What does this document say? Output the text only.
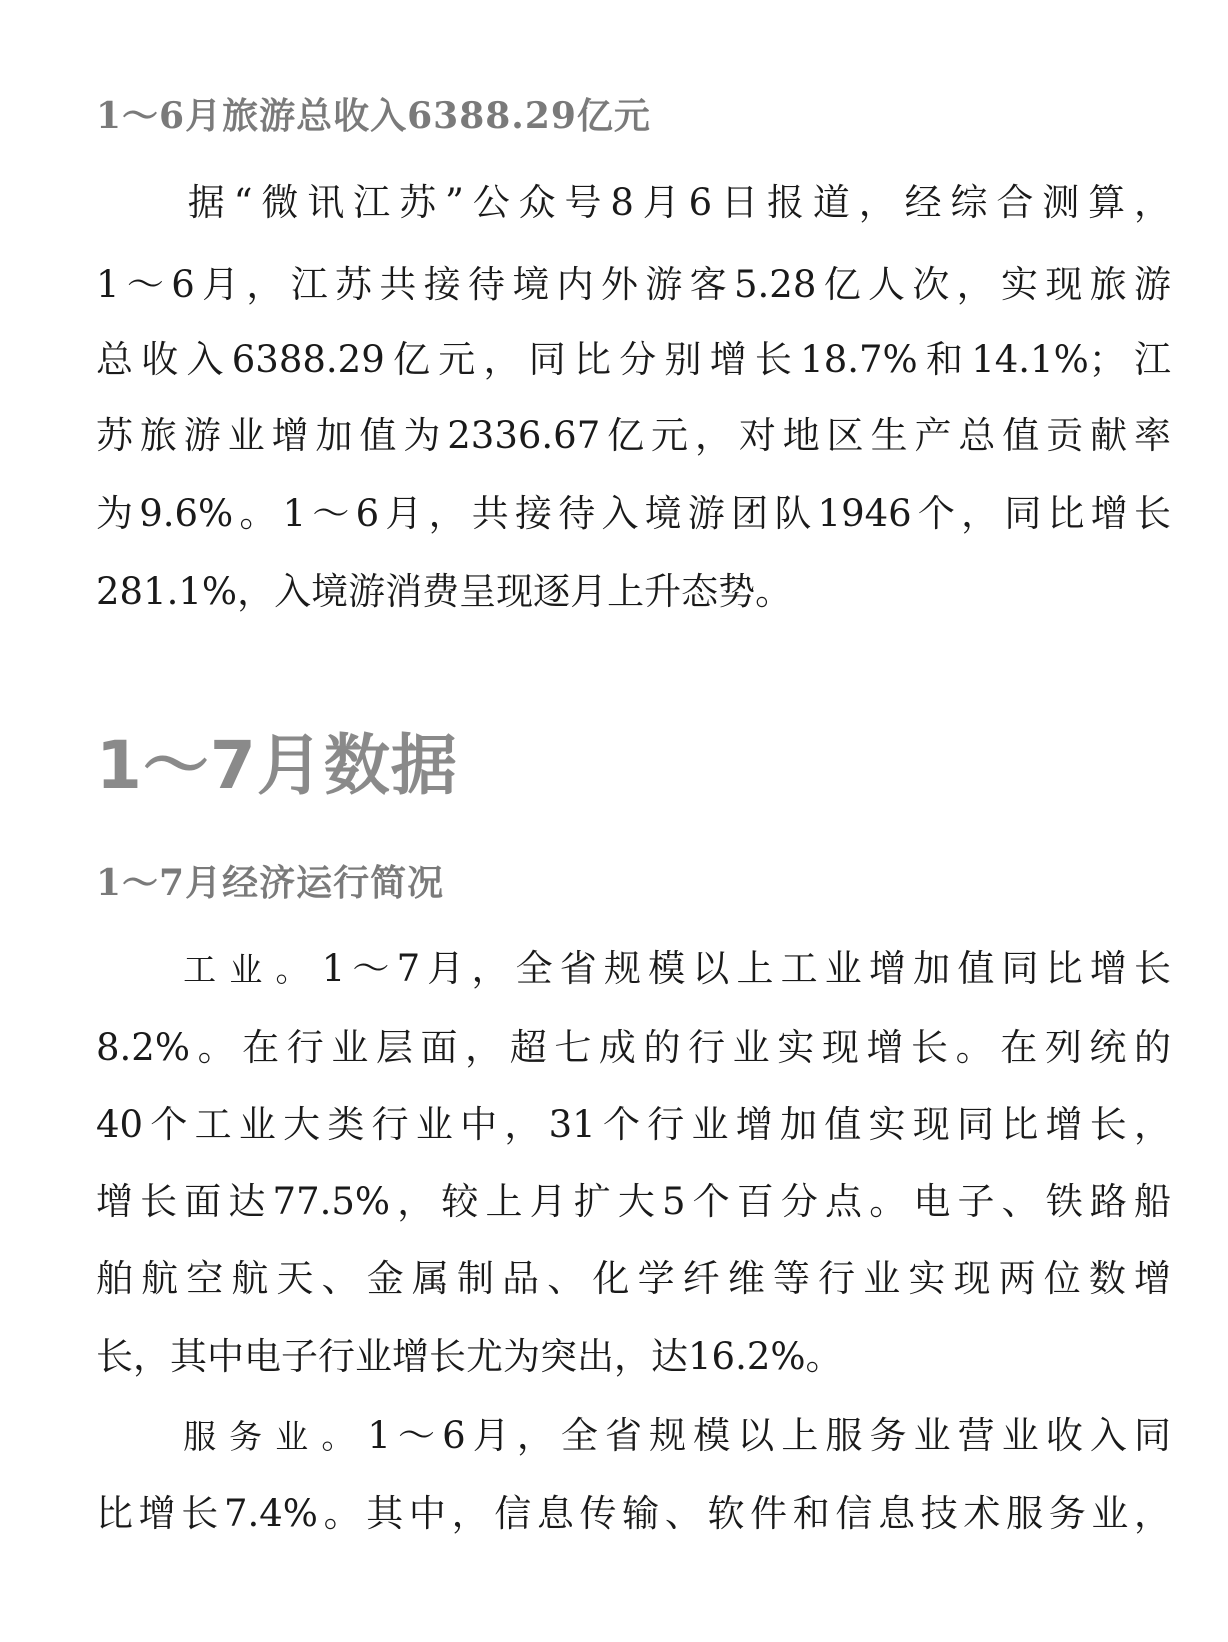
1～6月旅游总收入6388.29亿元
　　据“微讯江苏”公众号8月6日报道，经综合测算，
1～6月，江苏共接待境内外游客5.28亿人次，实现旅游
总收入6388.29亿元，同比分别增长18.7%和14.1%；江
苏旅游业增加值为2336.67亿元，对地区生产总值贡献率
为9.6%。1～6月，共接待入境游团队1946个，同比增长
281.1%，入境游消费呈现逐月上升态势。
1～7月数据
1～7月经济运行简况
工业。1～7月，全省规模以上工业增加值同比增长
8.2%。在行业层面，超七成的行业实现增长。在列统的
40个工业大类行业中，31个行业增加值实现同比增长，
增长面达77.5%，较上月扩大5个百分点。电子、铁路船
舶航空航天、金属制品、化学纤维等行业实现两位数增
长，其中电子行业增长尤为突出，达16.2%。
服务业。1～6月，全省规模以上服务业营业收入同
比增长7.4%。其中，信息传输、软件和信息技术服务业，
